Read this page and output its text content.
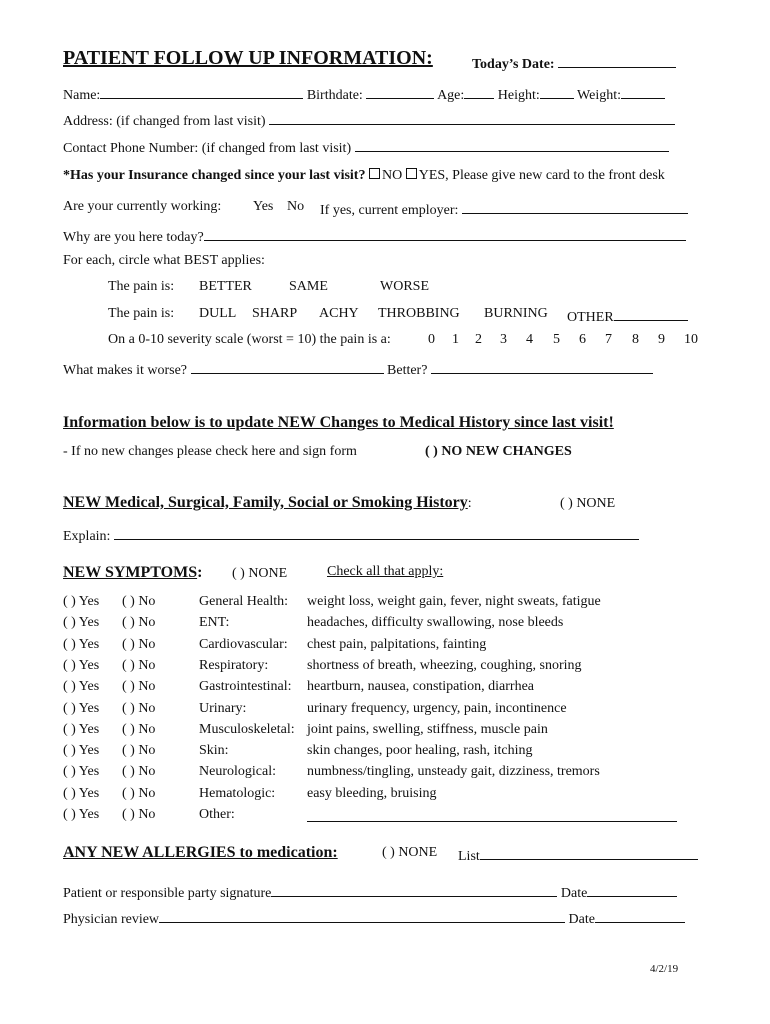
PATIENT FOLLOW UP INFORMATION:	Today’s Date:
Name:	Birthdate:	Age: Height:	Weight:
Address: (if changed from last visit)
Contact Phone Number: (if changed from last visit)
*Has your Insurance changed since your last visit? NO YES, Please give new card to the front desk
Are your currently working: Yes No If yes, current employer:
Why are you here today?
For each, circle what BEST applies:
The pain is: BETTER	SAME	WORSE
The pain is: DULL SHARP ACHY THROBBING BURNING OTHER
On a 0-10 severity scale (worst = 10) the pain is a:	0 1 2 3 4 5 6 7 8 9 10
What makes it worse?	Better?
Information below is to update NEW Changes to Medical History since last visit!
- If no new changes please check here and sign form	( ) NO NEW CHANGES
NEW Medical, Surgical, Family, Social or Smoking History:	( ) NONE
Explain:
NEW SYMPTOMS: ( ) NONE	Check all that apply:
( ) Yes ( ) No	General Health: weight loss, weight gain, fever, night sweats, fatigue
( ) Yes ( ) No	ENT:	headaches, difficulty swallowing, nose bleeds
( ) Yes ( ) No	Cardiovascular: chest pain, palpitations, fainting
( ) Yes ( ) No	Respiratory:	shortness of breath, wheezing, coughing, snoring
( ) Yes ( ) No	Gastrointestinal: heartburn, nausea, constipation, diarrhea
( ) Yes ( ) No	Urinary:	urinary frequency, urgency, pain, incontinence
( ) Yes ( ) No	Musculoskeletal: joint pains, swelling, stiffness, muscle pain
( ) Yes ( ) No	Skin:	skin changes, poor healing, rash, itching
( ) Yes ( ) No	Neurological: numbness/tingling, unsteady gait, dizziness, tremors
( ) Yes ( ) No	Hematologic: easy bleeding, bruising
( ) Yes ( ) No	Other:
ANY NEW ALLERGIES to medication:	( ) NONE List
Patient or responsible party signature	Date
Physician review	Date
4/2/19
